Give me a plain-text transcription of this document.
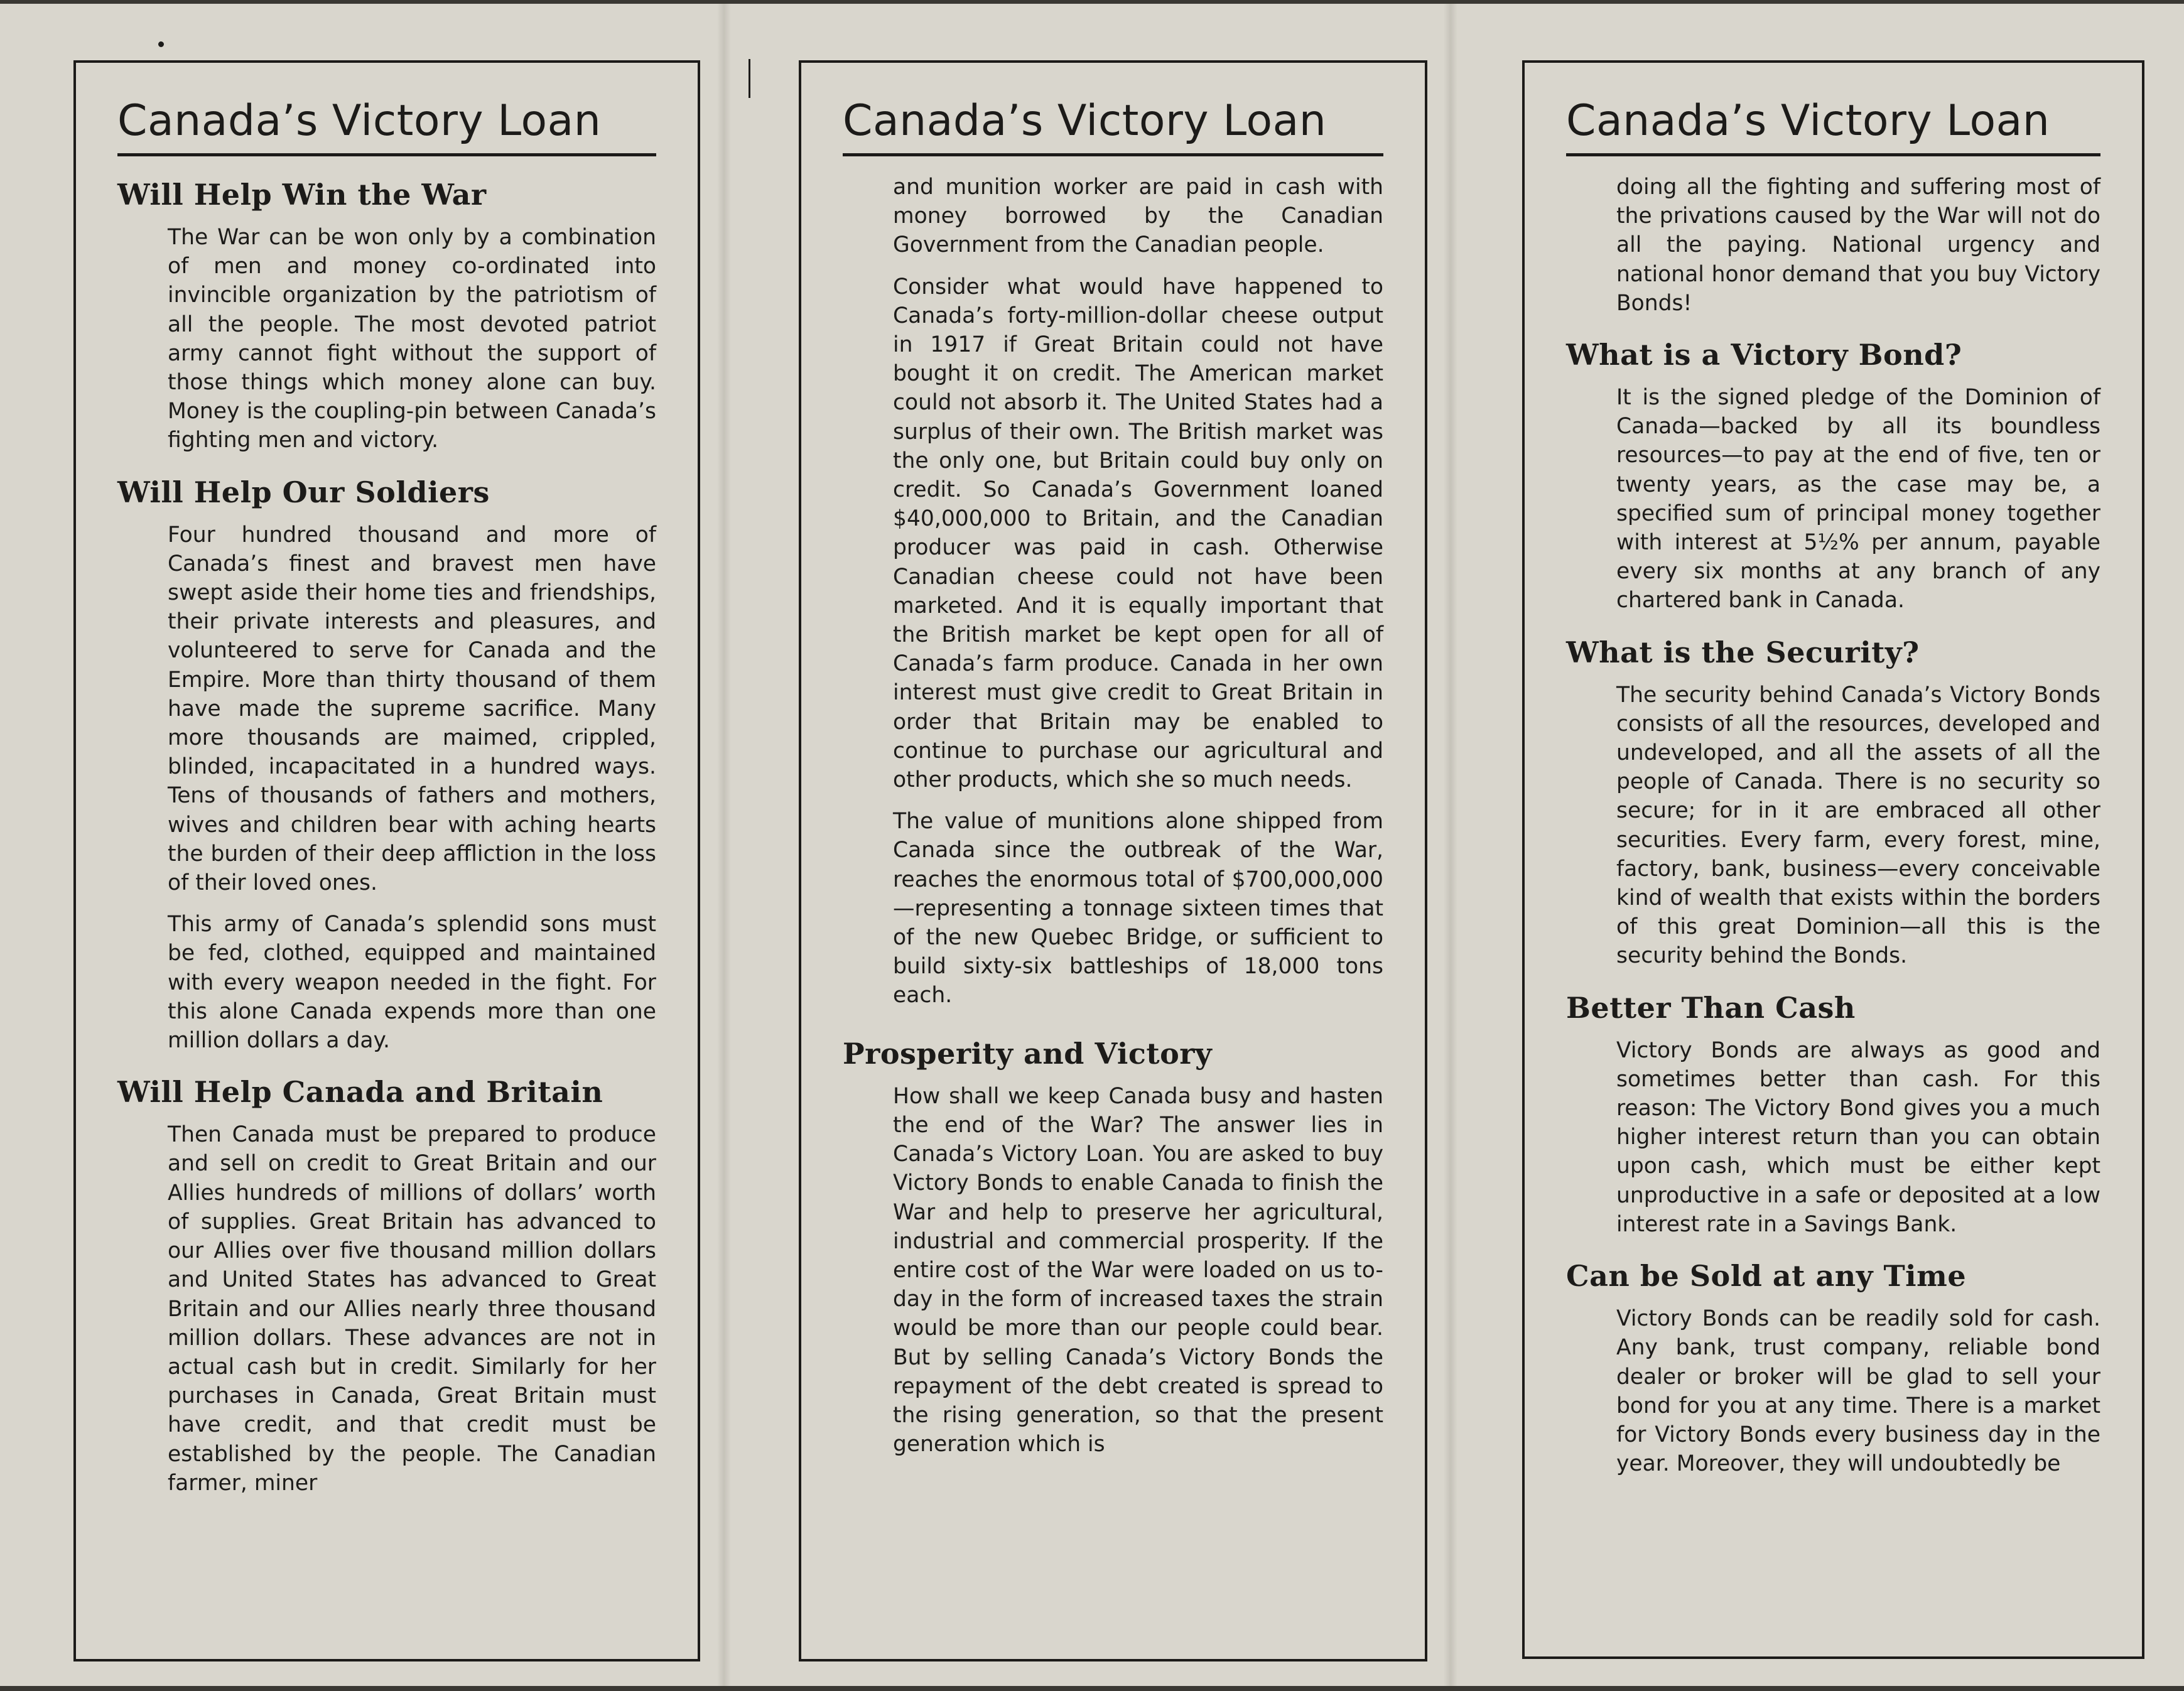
Canada’s Victory Loan
Will Help Win the War

The War can be won only by a combination of men and money co-ordinated into invincible organization by the patriotism of all the people. The most devoted patriot army cannot fight without the support of those things which money alone can buy. Money is the coupling-pin between Canada’s fighting men and victory.

Will Help Our Soldiers

Four hundred thousand and more of Canada’s finest and bravest men have swept aside their home ties and friendships, their private interests and pleasures, and volunteered to serve for Canada and the Empire. More than thirty thousand of them have made the supreme sacrifice. Many more thousands are maimed, crippled, blinded, incapacitated in a hundred ways. Tens of thousands of fathers and mothers, wives and children bear with aching hearts the burden of their deep affliction in the loss of their loved ones.

This army of Canada’s splendid sons must be fed, clothed, equipped and maintained with every weapon needed in the fight. For this alone Canada expends more than one million dollars a day.

Will Help Canada and Britain

Then Canada must be prepared to produce and sell on credit to Great Britain and our Allies hundreds of millions of dollars’ worth of supplies. Great Britain has advanced to our Allies over five thousand million dollars and United States has advanced to Great Britain and our Allies nearly three thousand million dollars. These advances are not in actual cash but in credit. Similarly for her purchases in Canada, Great Britain must have credit, and that credit must be established by the people. The Canadian farmer, miner

Canada’s Victory Loan

and munition worker are paid in cash with money borrowed by the Canadian Government from the Canadian people.

Consider what would have happened to Canada’s forty-million-dollar cheese output in 1917 if Great Britain could not have bought it on credit. The American market could not absorb it. The United States had a surplus of their own. The British market was the only one, but Britain could buy only on credit. So Canada’s Government loaned $40,000,000 to Britain, and the Canadian producer was paid in cash. Otherwise Canadian cheese could not have been marketed. And it is equally important that the British market be kept open for all of Canada’s farm produce. Canada in her own interest must give credit to Great Britain in order that Britain may be enabled to continue to purchase our agricultural and other products, which she so much needs.

The value of munitions alone shipped from Canada since the outbreak of the War, reaches the enormous total of $700,000,000—representing a tonnage sixteen times that of the new Quebec Bridge, or sufficient to build sixty-six battleships of 18,000 tons each.

Prosperity and Victory

How shall we keep Canada busy and hasten the end of the War? The answer lies in Canada’s Victory Loan. You are asked to buy Victory Bonds to enable Canada to finish the War and help to preserve her agricultural, industrial and commercial prosperity. If the entire cost of the War were loaded on us to-day in the form of increased taxes the strain would be more than our people could bear. But by selling Canada’s Victory Bonds the repayment of the debt created is spread to the rising generation, so that the present generation which is

Canada’s Victory Loan

doing all the fighting and suffering most of the privations caused by the War will not do all the paying. National urgency and national honor demand that you buy Victory Bonds!

What is a Victory Bond?

It is the signed pledge of the Dominion of Canada—backed by all its boundless resources—to pay at the end of five, ten or twenty years, as the case may be, a specified sum of principal money together with interest at 5½% per annum, payable every six months at any branch of any chartered bank in Canada.

What is the Security?

The security behind Canada’s Victory Bonds consists of all the resources, developed and undeveloped, and all the assets of all the people of Canada. There is no security so secure; for in it are embraced all other securities. Every farm, every forest, mine, factory, bank, business—every conceivable kind of wealth that exists within the borders of this great Dominion—all this is the security behind the Bonds.

Better Than Cash

Victory Bonds are always as good and sometimes better than cash. For this reason: The Victory Bond gives you a much higher interest return than you can obtain upon cash, which must be either kept unproductive in a safe or deposited at a low interest rate in a Savings Bank.

Can be Sold at any Time

Victory Bonds can be readily sold for cash. Any bank, trust company, reliable bond dealer or broker will be glad to sell your bond for you at any time. There is a market for Victory Bonds every business day in the year. Moreover, they will undoubtedly be
